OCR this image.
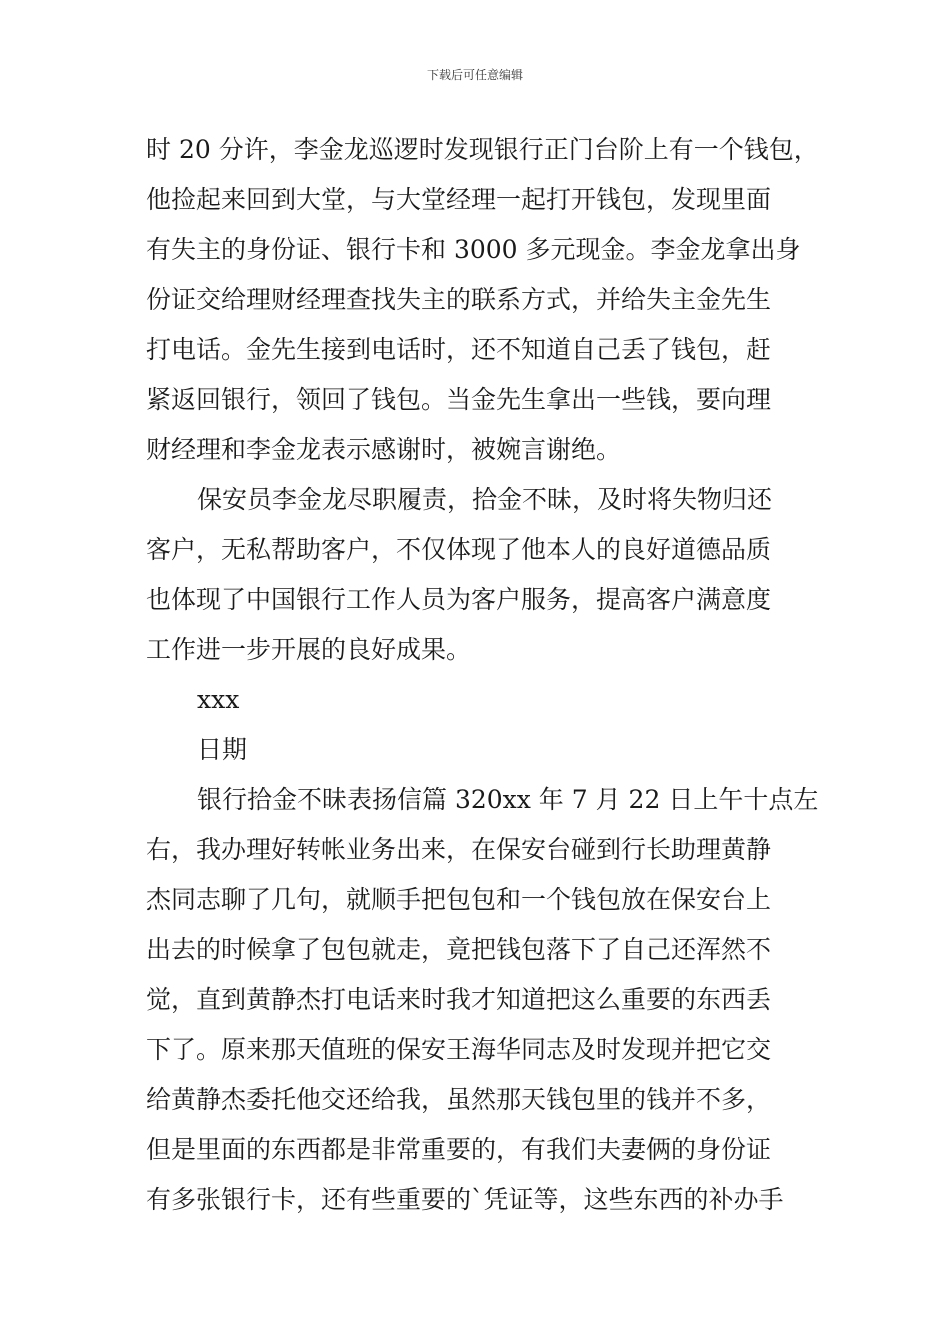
下载后可任意编辑
时 20 分许，李金龙巡逻时发现银行正门台阶上有一个钱包，
他捡起来回到大堂，与大堂经理一起打开钱包，发现里面
有失主的身份证、银行卡和 3000 多元现金。李金龙拿出身
份证交给理财经理查找失主的联系方式，并给失主金先生
打电话。金先生接到电话时，还不知道自己丢了钱包，赶
紧返回银行，领回了钱包。当金先生拿出一些钱，要向理
财经理和李金龙表示感谢时，被婉言谢绝。
保安员李金龙尽职履责，拾金不昧，及时将失物归还
客户，无私帮助客户，不仅体现了他本人的良好道德品质
也体现了中国银行工作人员为客户服务，提高客户满意度
工作进一步开展的良好成果。
xxx
日期
银行拾金不昧表扬信篇 320xx 年 7 月 22 日上午十点左
右，我办理好转帐业务出来，在保安台碰到行长助理黄静
杰同志聊了几句，就顺手把包包和一个钱包放在保安台上
出去的时候拿了包包就走，竟把钱包落下了自己还浑然不
觉，直到黄静杰打电话来时我才知道把这么重要的东西丢
下了。原来那天值班的保安王海华同志及时发现并把它交
给黄静杰委托他交还给我，虽然那天钱包里的钱并不多，
但是里面的东西都是非常重要的，有我们夫妻俩的身份证
有多张银行卡，还有些重要的`凭证等，这些东西的补办手
